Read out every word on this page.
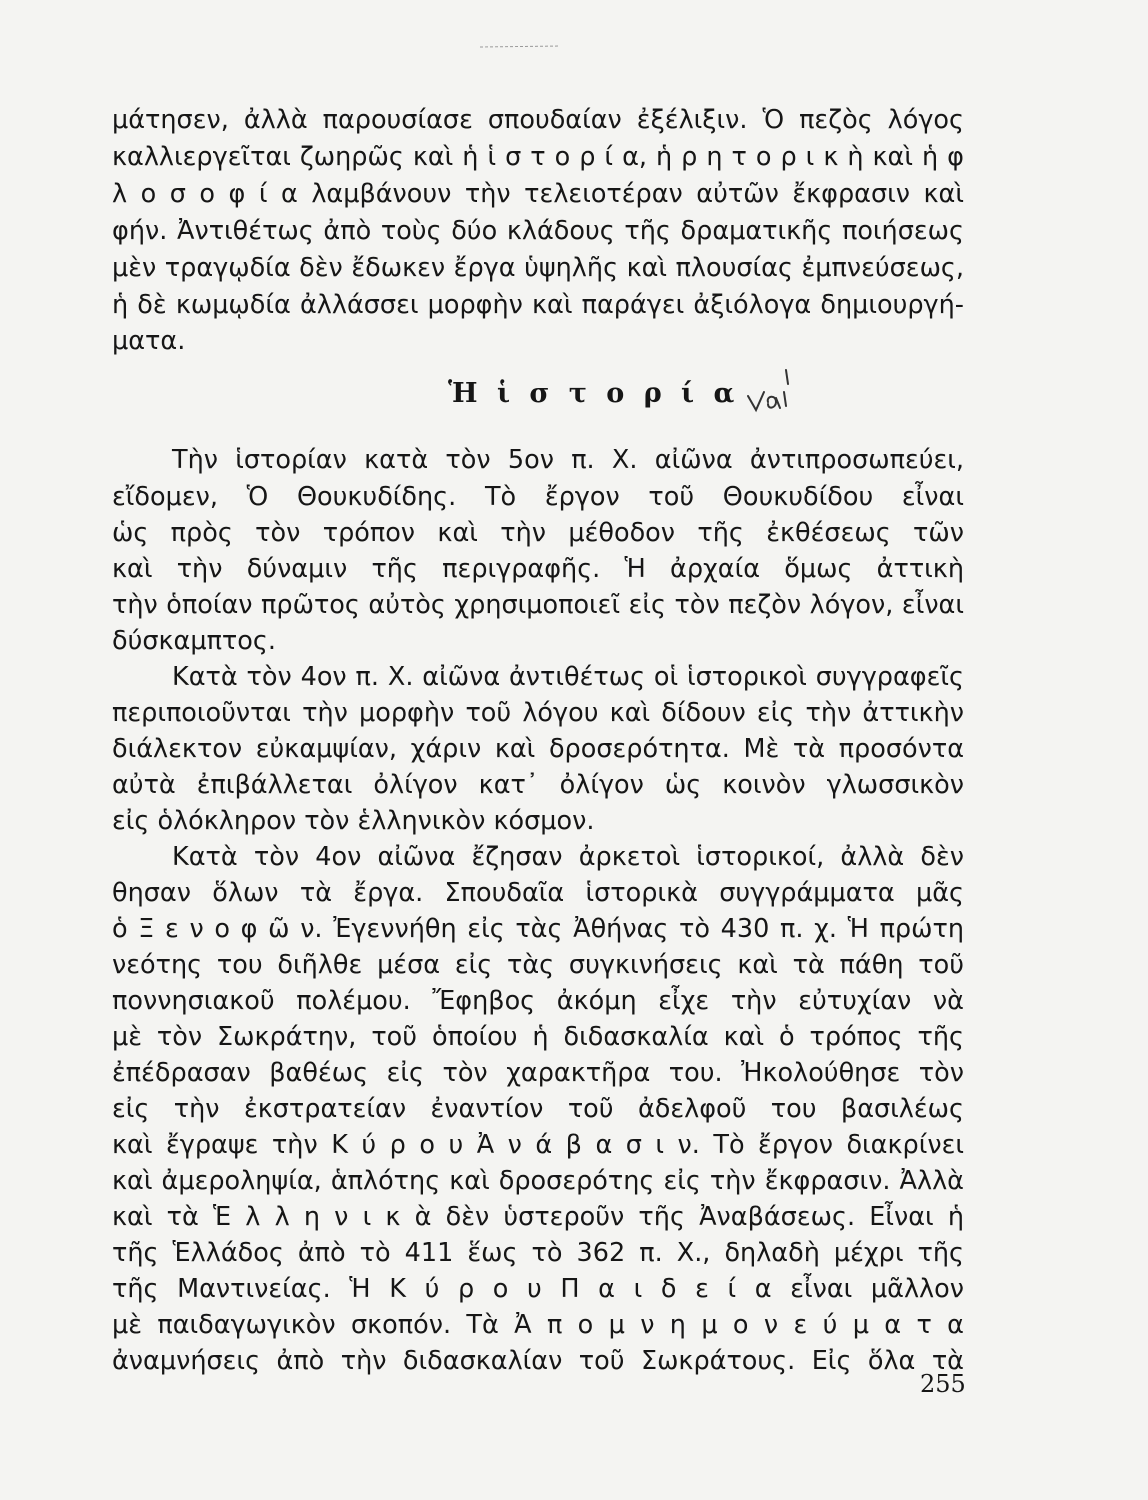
μάτησεν, ἀλλὰ παρουσίασε σπουδαίαν ἐξέλιξιν. Ὁ πεζὸς λόγος
καλλιεργεῖται ζωηρῶς καὶ ἡ ἱ σ τ ο ρ ί α, ἡ ρ η τ ο ρ ι κ ὴ καὶ ἡ φ
λ ο σ ο φ ί α λαμβάνουν τὴν τελειοτέραν αὐτῶν ἔκφρασιν καὶ
φήν. Ἀντιθέτως ἀπὸ τοὺς δύο κλάδους τῆς δραματικῆς ποιήσεως
μὲν τραγῳδία δὲν ἔδωκεν ἔργα ὑψηλῆς καὶ πλουσίας ἐμπνεύσεως,
ἡ δὲ κωμῳδία ἀλλάσσει μορφὴν καὶ παράγει ἀξιόλογα δημιουργή-
ματα.
Ἡ ἱ σ τ ο ρ ί α
Τὴν ἱστορίαν κατὰ τὸν 5ον π. Χ. αἰῶνα ἀντιπροσωπεύει,
εἴδομεν, Ὁ Θουκυδίδης. Τὸ ἔργον τοῦ Θουκυδίδου εἶναι
ὡς πρὸς τὸν τρόπον καὶ τὴν μέθοδον τῆς ἐκθέσεως τῶν
καὶ τὴν δύναμιν τῆς περιγραφῆς. Ἡ ἀρχαία ὅμως ἀττικὴ
τὴν ὁποίαν πρῶτος αὐτὸς χρησιμοποιεῖ εἰς τὸν πεζὸν λόγον, εἶναι
δύσκαμπτος.
Κατὰ τὸν 4ον π. Χ. αἰῶνα ἀντιθέτως οἱ ἱστορικοὶ συγγραφεῖς
περιποιοῦνται τὴν μορφὴν τοῦ λόγου καὶ δίδουν εἰς τὴν ἀττικὴν
διάλεκτον εὐκαμψίαν, χάριν καὶ δροσερότητα. Μὲ τὰ προσόντα
αὐτὰ ἐπιβάλλεται ὀλίγον κατ᾽ ὀλίγον ὡς κοινὸν γλωσσικὸν
εἰς ὁλόκληρον τὸν ἑλληνικὸν κόσμον.
Κατὰ τὸν 4ον αἰῶνα ἔζησαν ἀρκετοὶ ἱστορικοί, ἀλλὰ δὲν
θησαν ὅλων τὰ ἔργα. Σπουδαῖα ἱστορικὰ συγγράμματα μᾶς
ὁ Ξ ε ν ο φ ῶ ν. Ἐγεννήθη εἰς τὰς Ἀθήνας τὸ 430 π. χ. Ἡ πρώτη
νεότης του διῆλθε μέσα εἰς τὰς συγκινήσεις καὶ τὰ πάθη τοῦ
ποννησιακοῦ πολέμου. Ἔφηβος ἀκόμη εἶχε τὴν εὐτυχίαν νὰ
μὲ τὸν Σωκράτην, τοῦ ὁποίου ἡ διδασκαλία καὶ ὁ τρόπος τῆς
ἐπέδρασαν βαθέως εἰς τὸν χαρακτῆρα του. Ἠκολούθησε τὸν
εἰς τὴν ἐκστρατείαν ἐναντίον τοῦ ἀδελφοῦ του βασιλέως
καὶ ἔγραψε τὴν Κ ύ ρ ο υ Ἀ ν ά β α σ ι ν. Τὸ ἔργον διακρίνει
καὶ ἀμεροληψία, ἁπλότης καὶ δροσερότης εἰς τὴν ἔκφρασιν. Ἀλλὰ
καὶ τὰ Ἑ λ λ η ν ι κ ὰ δὲν ὑστεροῦν τῆς Ἀναβάσεως. Εἶναι ἡ
τῆς Ἑλλάδος ἀπὸ τὸ 411 ἕως τὸ 362 π. Χ., δηλαδὴ μέχρι τῆς
τῆς Μαντινείας. Ἡ Κ ύ ρ ο υ Π α ι δ ε ί α εἶναι μᾶλλον
μὲ παιδαγωγικὸν σκοπόν. Τὰ Ἀ π ο μ ν η μ ο ν ε ύ μ α τ α
ἀναμνήσεις ἀπὸ τὴν διδασκαλίαν τοῦ Σωκράτους. Εἰς ὅλα τὰ
255
